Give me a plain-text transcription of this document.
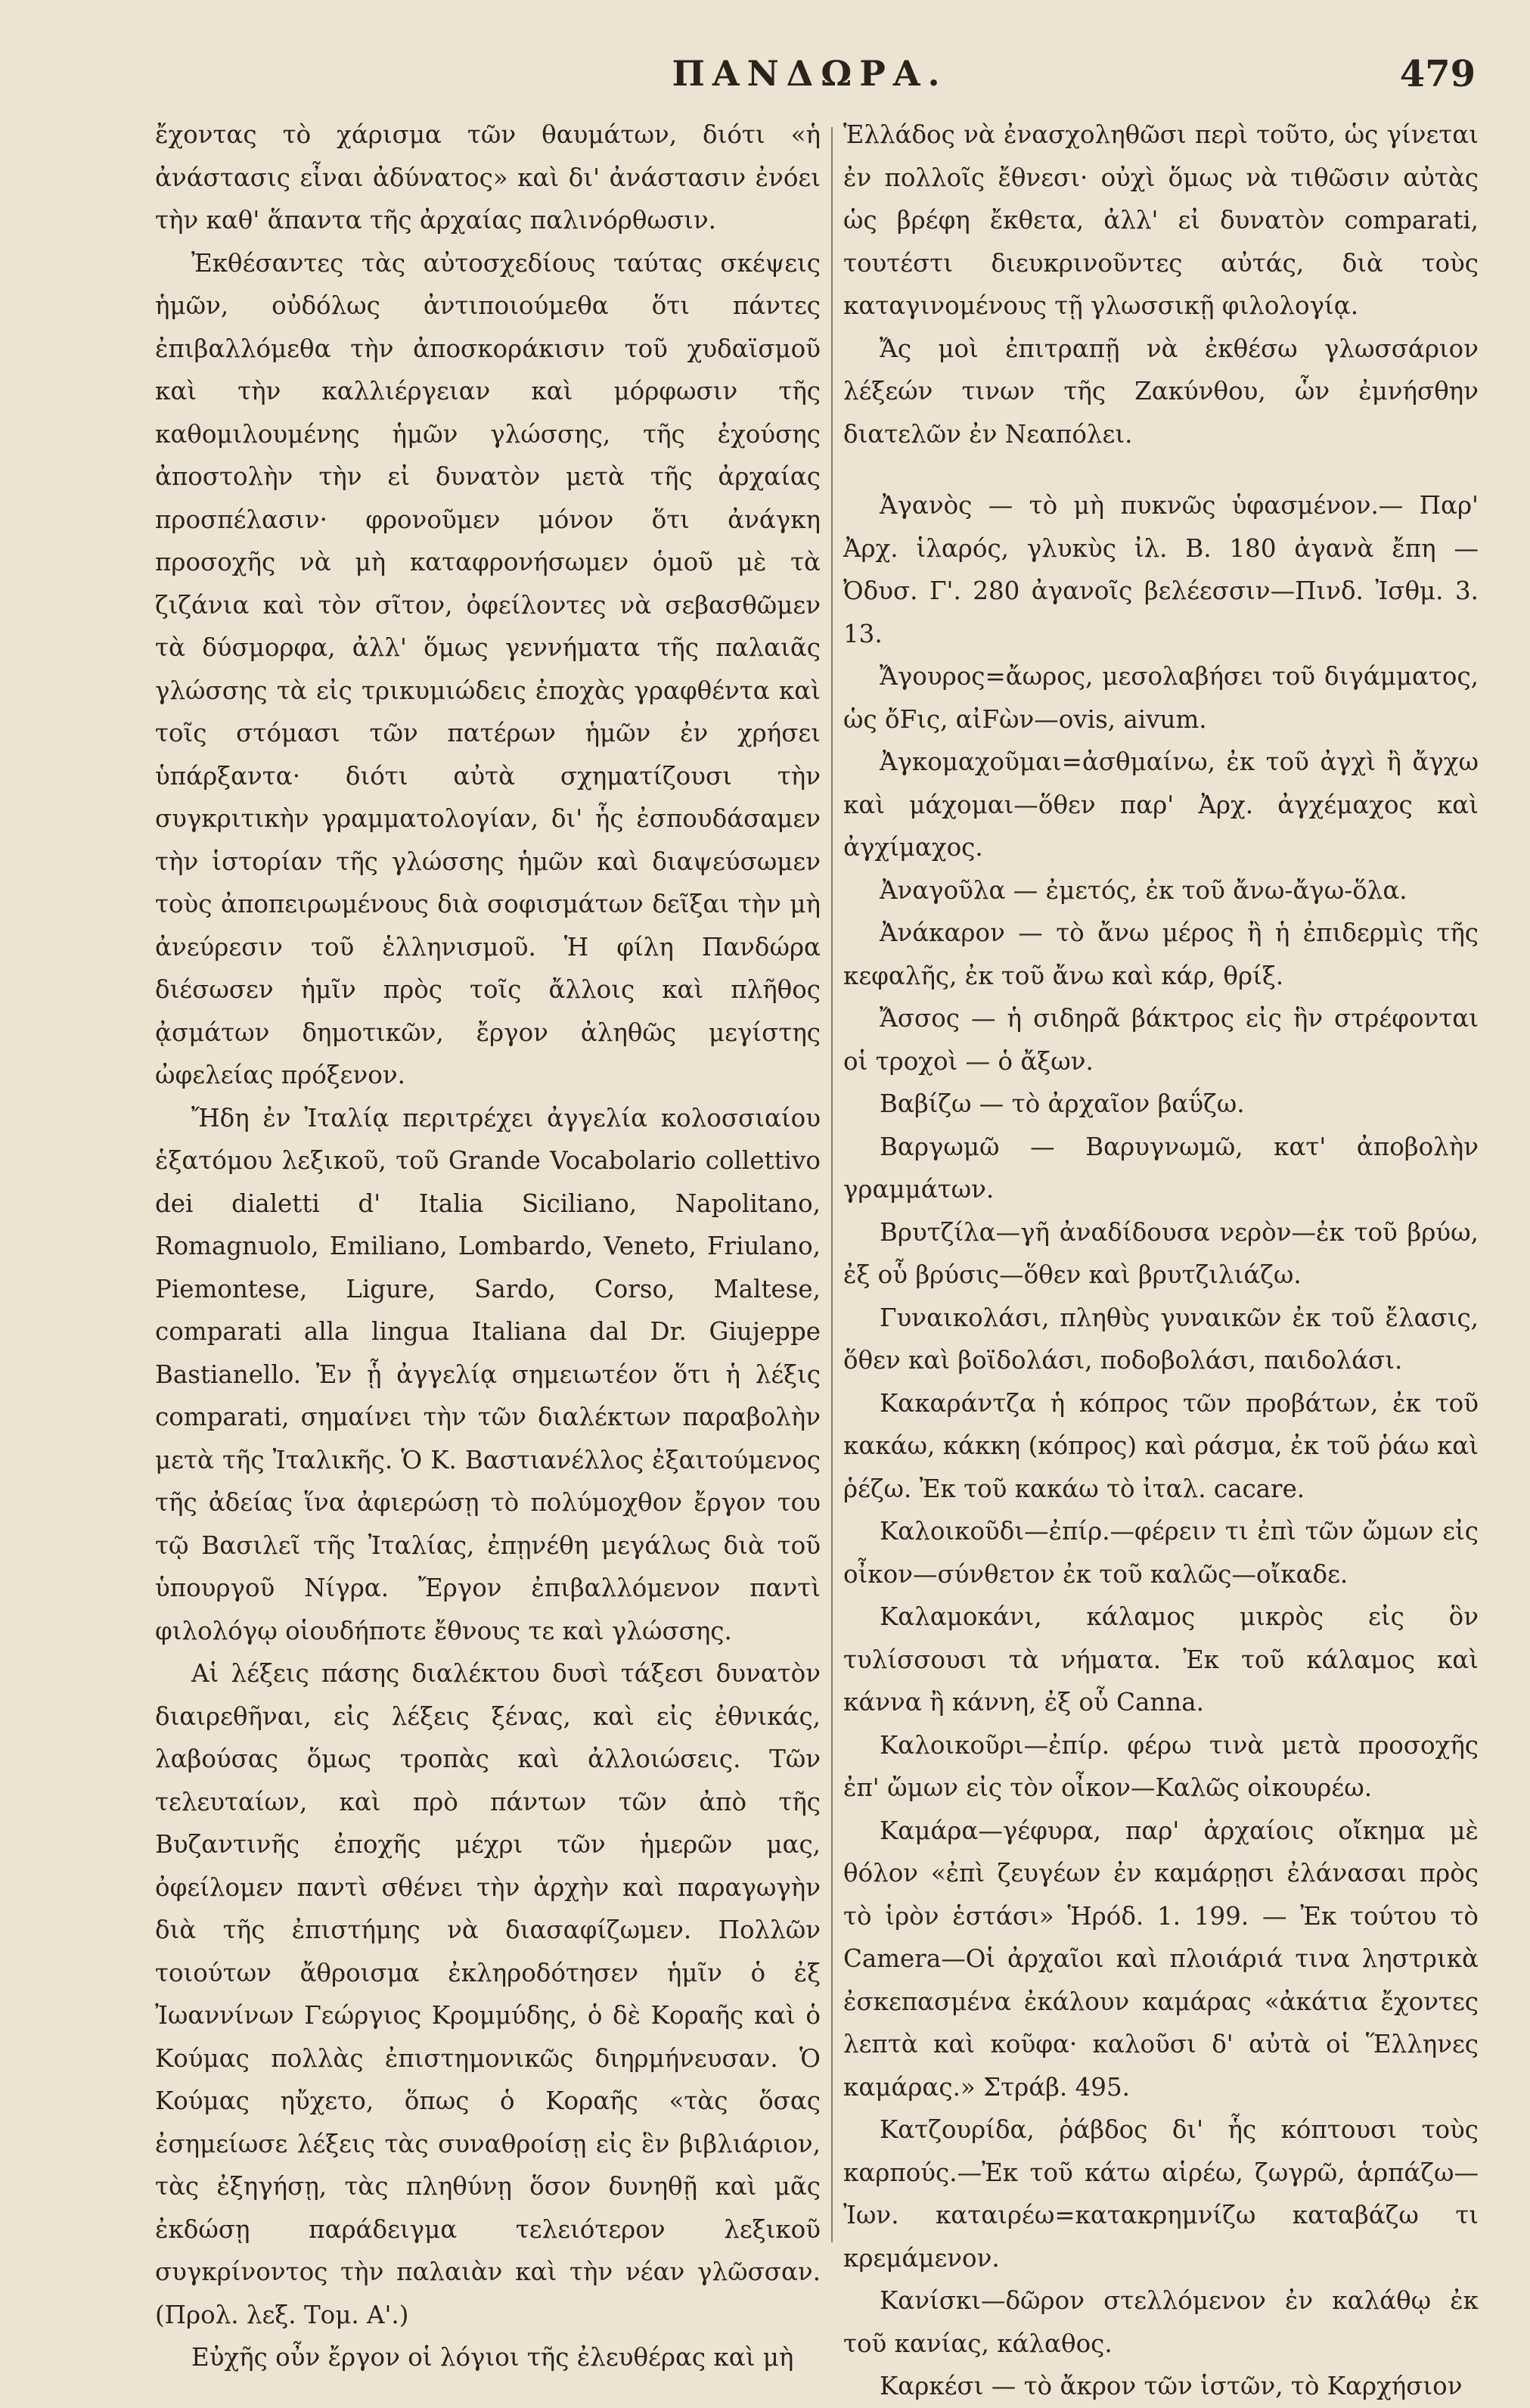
ΠΑΝΔΩΡΑ.	479

ἔχοντας τὸ χάρισμα τῶν θαυμάτων, διότι «ἡ ἀνάστασις εἶναι ἀδύνατος» καὶ δι' ἀνάστασιν ἐνόει τὴν καθ' ἅπαντα τῆς ἀρχαίας παλινόρθωσιν.

Ἐκθέσαντες τὰς αὐτοσχεδίους ταύτας σκέψεις ἡμῶν, οὐδόλως ἀντιποιούμεθα ὅτι πάντες ἐπιβαλλόμεθα τὴν ἀποσκοράκισιν τοῦ χυδαϊσμοῦ καὶ τὴν καλλιέργειαν καὶ μόρφωσιν τῆς καθομιλουμένης ἡμῶν γλώσσης, τῆς ἐχούσης ἀποστολὴν τὴν εἰ δυνατὸν μετὰ τῆς ἀρχαίας προσπέλασιν· φρονοῦμεν μόνον ὅτι ἀνάγκη προσοχῆς νὰ μὴ καταφρονήσωμεν ὁμοῦ μὲ τὰ ζιζάνια καὶ τὸν σῖτον, ὀφείλοντες νὰ σεβασθῶμεν τὰ δύσμορφα, ἀλλ' ὅμως γεννήματα τῆς παλαιᾶς γλώσσης τὰ εἰς τρικυμιώδεις ἐποχὰς γραφθέντα καὶ τοῖς στόμασι τῶν πατέρων ἡμῶν ἐν χρήσει ὑπάρξαντα· διότι αὐτὰ σχηματίζουσι τὴν συγκριτικὴν γραμματολογίαν, δι' ἧς ἐσπουδάσαμεν τὴν ἱστορίαν τῆς γλώσσης ἡμῶν καὶ διαψεύσωμεν τοὺς ἀποπειρωμένους διὰ σοφισμάτων δεῖξαι τὴν μὴ ἀνεύρεσιν τοῦ ἑλληνισμοῦ. Ἡ φίλη Πανδώρα διέσωσεν ἡμῖν πρὸς τοῖς ἄλλοις καὶ πλῆθος ᾀσμάτων δημοτικῶν, ἔργον ἀληθῶς μεγίστης ὠφελείας πρόξενον.

Ἤδη ἐν Ἰταλίᾳ περιτρέχει ἀγγελία κολοσσιαίου ἑξατόμου λεξικοῦ, τοῦ Grande Vocabolario collettivo dei dialetti d' Italia Siciliano, Napolitano, Romagnuolo, Emiliano, Lombardo, Veneto, Friulano, Piemontese, Ligure, Sardo, Corso, Maltese, comparati alla lingua Italiana dal Dr. Giujeppe Bastianello. Ἐν ᾗ ἀγγελίᾳ σημειωτέον ὅτι ἡ λέξις comparati, σημαίνει τὴν τῶν διαλέκτων παραβολὴν μετὰ τῆς Ἰταλικῆς. Ὁ Κ. Βαστιανέλλος ἐξαιτούμενος τῆς ἀδείας ἵνα ἀφιερώσῃ τὸ πολύμοχθον ἔργον του τῷ Βασιλεῖ τῆς Ἰταλίας, ἐπῃνέθη μεγάλως διὰ τοῦ ὑπουργοῦ Νίγρα. Ἔργον ἐπιβαλλόμενον παντὶ φιλολόγῳ οἱουδήποτε ἔθνους τε καὶ γλώσσης.

Αἱ λέξεις πάσης διαλέκτου δυσὶ τάξεσι δυνατὸν διαιρεθῆναι, εἰς λέξεις ξένας, καὶ εἰς ἐθνικάς, λαβούσας ὅμως τροπὰς καὶ ἀλλοιώσεις. Τῶν τελευταίων, καὶ πρὸ πάντων τῶν ἀπὸ τῆς Βυζαντινῆς ἐποχῆς μέχρι τῶν ἡμερῶν μας, ὀφείλομεν παντὶ σθένει τὴν ἀρχὴν καὶ παραγωγὴν διὰ τῆς ἐπιστήμης νὰ διασαφίζωμεν. Πολλῶν τοιούτων ἄθροισμα ἐκληροδότησεν ἡμῖν ὁ ἐξ Ἰωαννίνων Γεώργιος Κρομμύδης, ὁ δὲ Κοραῆς καὶ ὁ Κούμας πολλὰς ἐπιστημονικῶς διηρμήνευσαν. Ὁ Κούμας ηὔχετο, ὅπως ὁ Κοραῆς «τὰς ὅσας ἐσημείωσε λέξεις τὰς συναθροίσῃ εἰς ἓν βιβλιάριον, τὰς ἐξηγήσῃ, τὰς πληθύνῃ ὅσον δυνηθῇ καὶ μᾶς ἐκδώσῃ παράδειγμα τελειότερον λεξικοῦ συγκρίνοντος τὴν παλαιὰν καὶ τὴν νέαν γλῶσσαν. (Προλ. λεξ. Τομ. Α'.)

Εὐχῆς οὖν ἔργον οἱ λόγιοι τῆς ἐλευθέρας καὶ μὴ

Ἑλλάδος νὰ ἐνασχοληθῶσι περὶ τοῦτο, ὡς γίνεται ἐν πολλοῖς ἔθνεσι· οὐχὶ ὅμως νὰ τιθῶσιν αὐτὰς ὡς βρέφη ἔκθετα, ἀλλ' εἰ δυνατὸν comparati, τουτέστι διευκρινοῦντες αὐτάς, διὰ τοὺς καταγινομένους τῇ γλωσσικῇ φιλολογίᾳ.

Ἄς μοὶ ἐπιτραπῇ νὰ ἐκθέσω γλωσσάριον λέξεών τινων τῆς Ζακύνθου, ὧν ἐμνήσθην διατελῶν ἐν Νεαπόλει.

Ἀγανὸς — τὸ μὴ πυκνῶς ὑφασμένον.— Παρ' Ἀρχ. ἱλαρός, γλυκὺς ἰλ. Β. 180 ἀγανὰ ἔπη — Ὀδυσ. Γ'. 280 ἀγανοῖς βελέεσσιν—Πινδ. Ἰσθμ. 3. 13.

Ἄγουρος=ἄωρος, μεσολαβήσει τοῦ διγάμματος, ὡς ὄFις, αἰFὼν—ovis, aivum.

Ἀγκομαχοῦμαι=ἀσθμαίνω, ἐκ τοῦ ἀγχὶ ἢ ἄγχω καὶ μάχομαι—ὅθεν παρ' Ἀρχ. ἀγχέμαχος καὶ ἀγχίμαχος.

Ἀναγοῦλα — ἐμετός, ἐκ τοῦ ἄνω-ἄγω-ὅλα.

Ἀνάκαρον — τὸ ἄνω μέρος ἢ ἡ ἐπιδερμὶς τῆς κεφαλῆς, ἐκ τοῦ ἄνω καὶ κάρ, θρίξ.

Ἄσσος — ἡ σιδηρᾶ βάκτρος εἰς ἣν στρέφονται οἱ τροχοὶ — ὁ ἄξων.

Βαβίζω — τὸ ἀρχαῖον βαΰζω.

Βαργωμῶ — Βαρυγνωμῶ, κατ' ἀποβολὴν γραμμάτων.

Βρυτζίλα—γῆ ἀναδίδουσα νερὸν—ἐκ τοῦ βρύω, ἐξ οὗ βρύσις—ὅθεν καὶ βρυτζιλιάζω.

Γυναικολάσι, πληθὺς γυναικῶν ἐκ τοῦ ἔλασις, ὅθεν καὶ βοϊδολάσι, ποδοβολάσι, παιδολάσι.

Κακαράντζα ἡ κόπρος τῶν προβάτων, ἐκ τοῦ κακάω, κάκκη (κόπρος) καὶ ράσμα, ἐκ τοῦ ῥάω καὶ ῥέζω. Ἐκ τοῦ κακάω τὸ ἰταλ. cacare.

Καλοικοῦδι—ἐπίρ.—φέρειν τι ἐπὶ τῶν ὤμων εἰς οἶκον—σύνθετον ἐκ τοῦ καλῶς—οἴκαδε.

Καλαμοκάνι, κάλαμος μικρὸς εἰς ὃν τυλίσσουσι τὰ νήματα. Ἐκ τοῦ κάλαμος καὶ κάννα ἢ κάννη, ἐξ οὗ Canna.

Καλοικοῦρι—ἐπίρ. φέρω τινὰ μετὰ προσοχῆς ἐπ' ὤμων εἰς τὸν οἶκον—Καλῶς οἰκουρέω.

Καμάρα—γέφυρα, παρ' ἀρχαίοις οἴκημα μὲ θόλον «ἐπὶ ζευγέων ἐν καμάρῃσι ἐλάνασαι πρὸς τὸ ἱρὸν ἑστάσι» Ἡρόδ. 1. 199. — Ἐκ τούτου τὸ Camera—Οἱ ἀρχαῖοι καὶ πλοιάριά τινα ληστρικὰ ἐσκεπασμένα ἐκάλουν καμάρας «ἀκάτια ἔχοντες λεπτὰ καὶ κοῦφα· καλοῦσι δ' αὐτὰ οἱ Ἕλληνες καμάρας.» Στράβ. 495.

Κατζουρίδα, ῥάβδος δι' ἧς κόπτουσι τοὺς καρπούς.—Ἐκ τοῦ κάτω αἱρέω, ζωγρῶ, ἁρπάζω—Ἰων. καταιρέω=κατακρημνίζω καταβάζω τι κρεμάμενον.

Κανίσκι—δῶρον στελλόμενον ἐν καλάθῳ ἐκ τοῦ κανίας, κάλαθος.

Καρκέσι — τὸ ἄκρον τῶν ἱστῶν, τὸ Καρχήσιον
